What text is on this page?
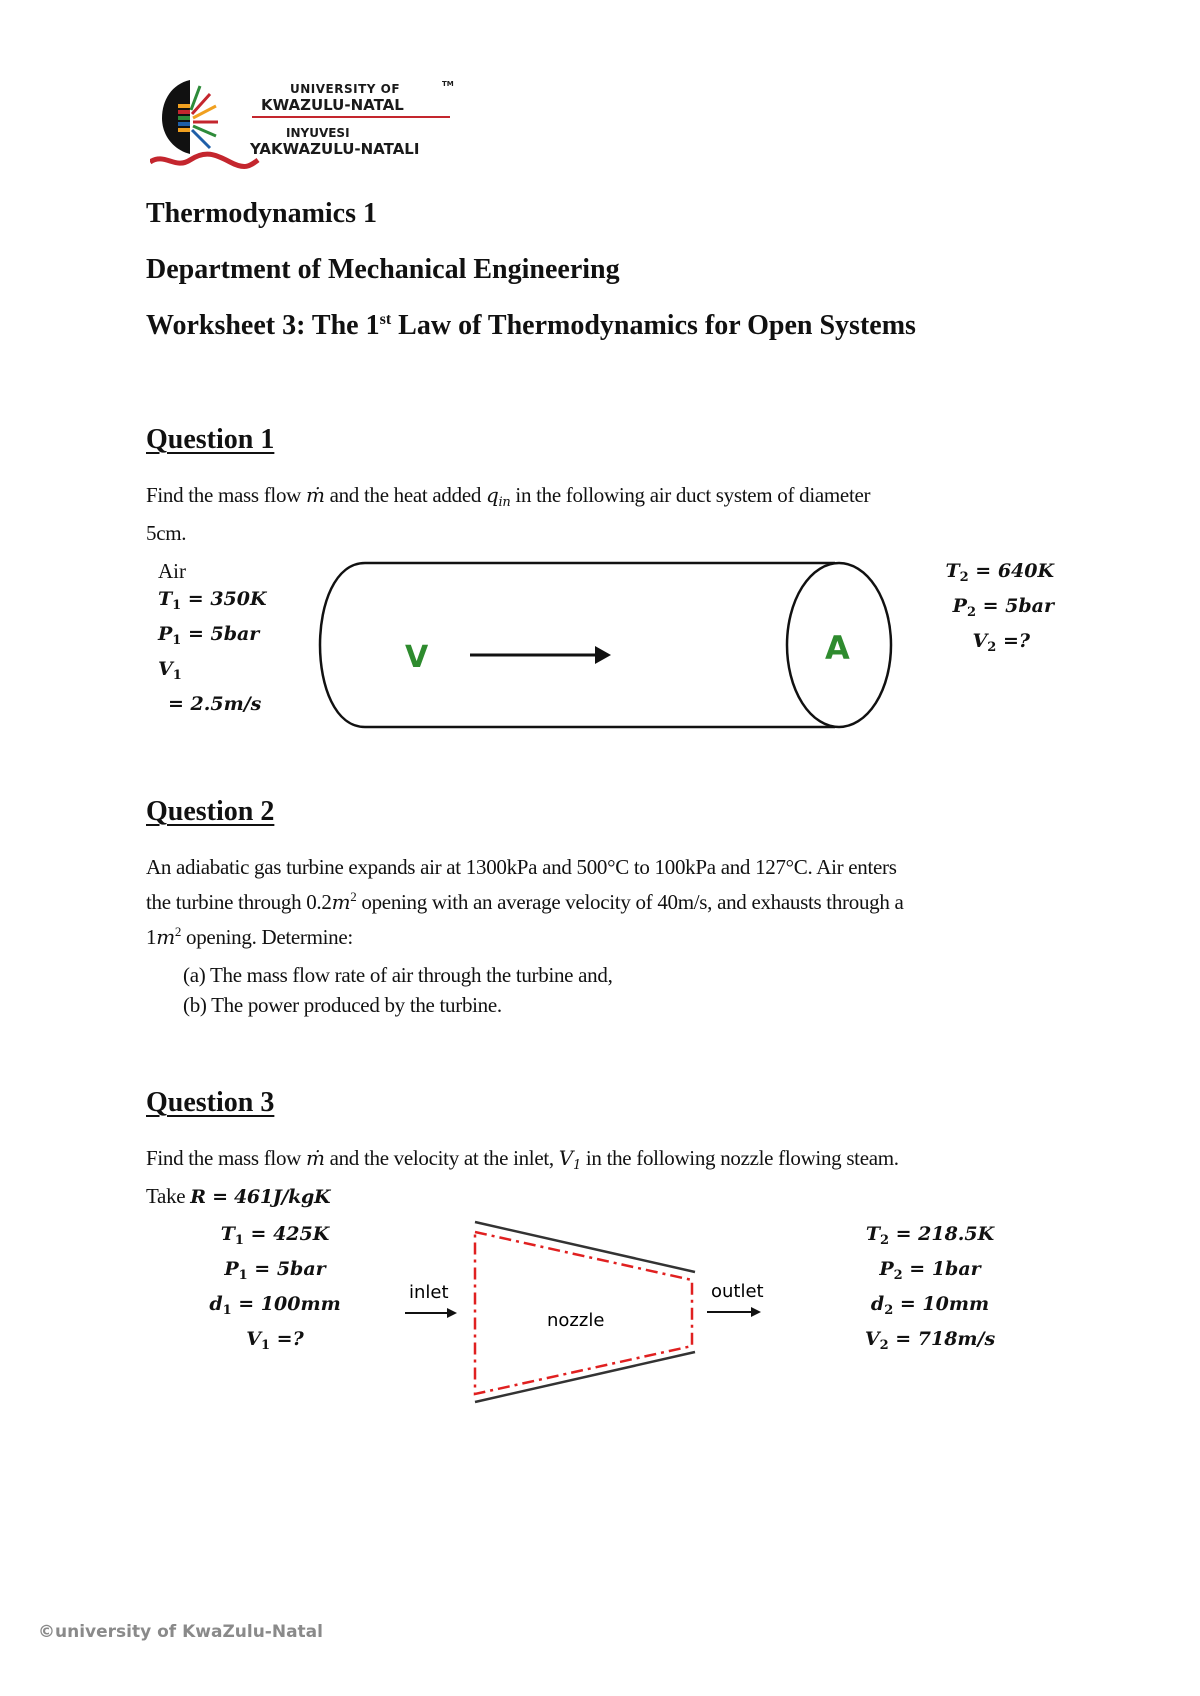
UNIVERSITY OF	TM
KWAZULU-NATAL
INYUVESI
YAKWAZULU-NATALI
Thermodynamics 1
Department of Mechanical Engineering
Worksheet 3: The 1st Law of Thermodynamics for Open Systems
Question 1
Find the mass flow ṁ and the heat added qin in the following air duct system of diameter
5cm.
Air
$T_1 = 350K$
$P_1 = 5bar$
$V_1$
= 2.5m/s
V	A
$T_2 = 640K$
$P_2 = 5bar$
$V_2$ =?
Question 2
An adiabatic gas turbine expands air at 1300kPa and 500°C to 100kPa and 127°C. Air enters
the turbine through $0.2m^2$ opening with an average velocity of 40m/s, and exhausts through a
$1m^2$ opening. Determine:
(a) The mass flow rate of air through the turbine and,
(b) The power produced by the turbine.
Question 3
Find the mass flow ṁ and the velocity at the inlet, V1 in the following nozzle flowing steam.
Take R = 461J/kgK
$T_1 = 425K$
$P_1 = 5bar$
$d_1 = 100mm$
$V_1$ =?
inlet
nozzle
outlet
$T_2 = 218.5K$
$P_2 = 1bar$
$d_2 = 10mm$
$V_2 = 718m/s$
©university of KwaZulu-Natal
